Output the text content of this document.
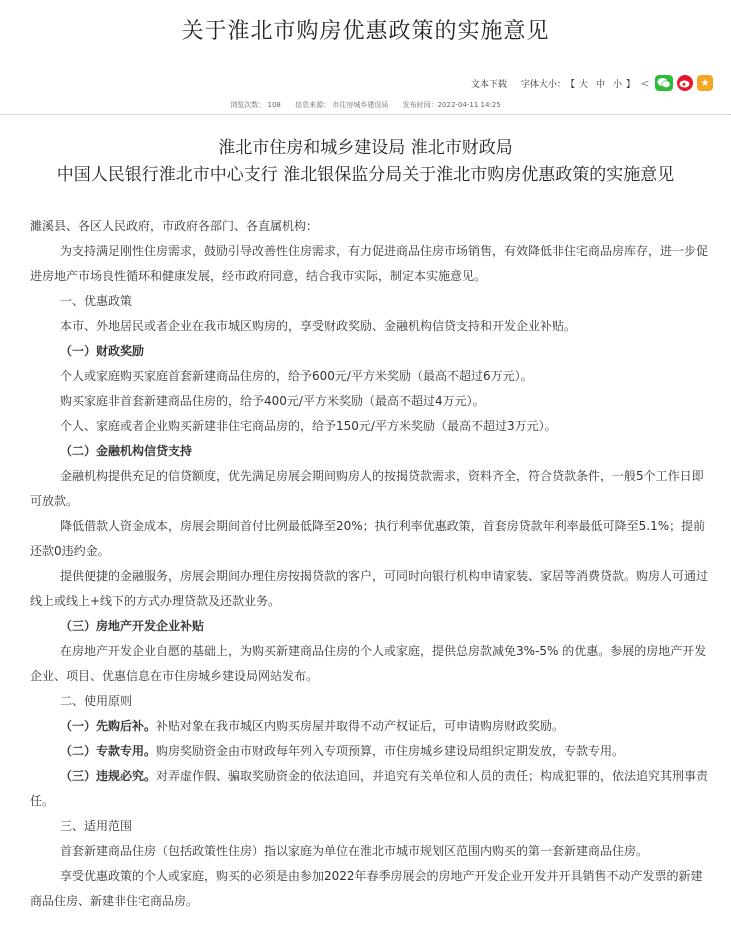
关于淮北市购房优惠政策的实施意见
文本下载 字体大小： 【 大 中 小 】 <	★
浏览次数： 108 信息来源： 市住房城乡建设局 发布时间：2022-04-11 14:25
淮北市住房和城乡建设局 淮北市财政局
中国人民银行淮北市中心支行 淮北银保监分局关于淮北市购房优惠政策的实施意见

濉溪县、各区人民政府，市政府各部门、各直属机构：

为支持满足刚性住房需求，鼓励引导改善性住房需求，有力促进商品住房市场销售，有效降低非住宅商品房库存，进一步促进房地产市场良性循环和健康发展，经市政府同意，结合我市实际，制定本实施意见。

一、优惠政策

本市、外地居民或者企业在我市城区购房的，享受财政奖励、金融机构信贷支持和开发企业补贴。

（一）财政奖励

个人或家庭购买家庭首套新建商品住房的，给予600元/平方米奖励（最高不超过6万元）。

购买家庭非首套新建商品住房的，给予400元/平方米奖励（最高不超过4万元）。

个人、家庭或者企业购买新建非住宅商品房的，给予150元/平方米奖励（最高不超过3万元）。

（二）金融机构信贷支持

金融机构提供充足的信贷额度，优先满足房展会期间购房人的按揭贷款需求，资料齐全，符合贷款条件，一般5个工作日即可放款。

降低借款人资金成本，房展会期间首付比例最低降至20%；执行利率优惠政策，首套房贷款年利率最低可降至5.1%；提前还款0违约金。

提供便捷的金融服务，房展会期间办理住房按揭贷款的客户，可同时向银行机构申请家装、家居等消费贷款。购房人可通过线上或线上+线下的方式办理贷款及还款业务。

（三）房地产开发企业补贴

在房地产开发企业自愿的基础上，为购买新建商品住房的个人或家庭，提供总房款减免3%-5% 的优惠。参展的房地产开发企业、项目、优惠信息在市住房城乡建设局网站发布。

二、使用原则

（一）先购后补。补贴对象在我市城区内购买房屋并取得不动产权证后，可申请购房财政奖励。

（二）专款专用。购房奖励资金由市财政每年列入专项预算，市住房城乡建设局组织定期发放，专款专用。

（三）违规必究。对弄虚作假、骗取奖励资金的依法追回，并追究有关单位和人员的责任；构成犯罪的，依法追究其刑事责任。

三、适用范围

首套新建商品住房（包括政策性住房）指以家庭为单位在淮北市城市规划区范围内购买的第一套新建商品住房。

享受优惠政策的个人或家庭，购买的必须是由参加2022年春季房展会的房地产开发企业开发并开具销售不动产发票的新建商品住房、新建非住宅商品房。
